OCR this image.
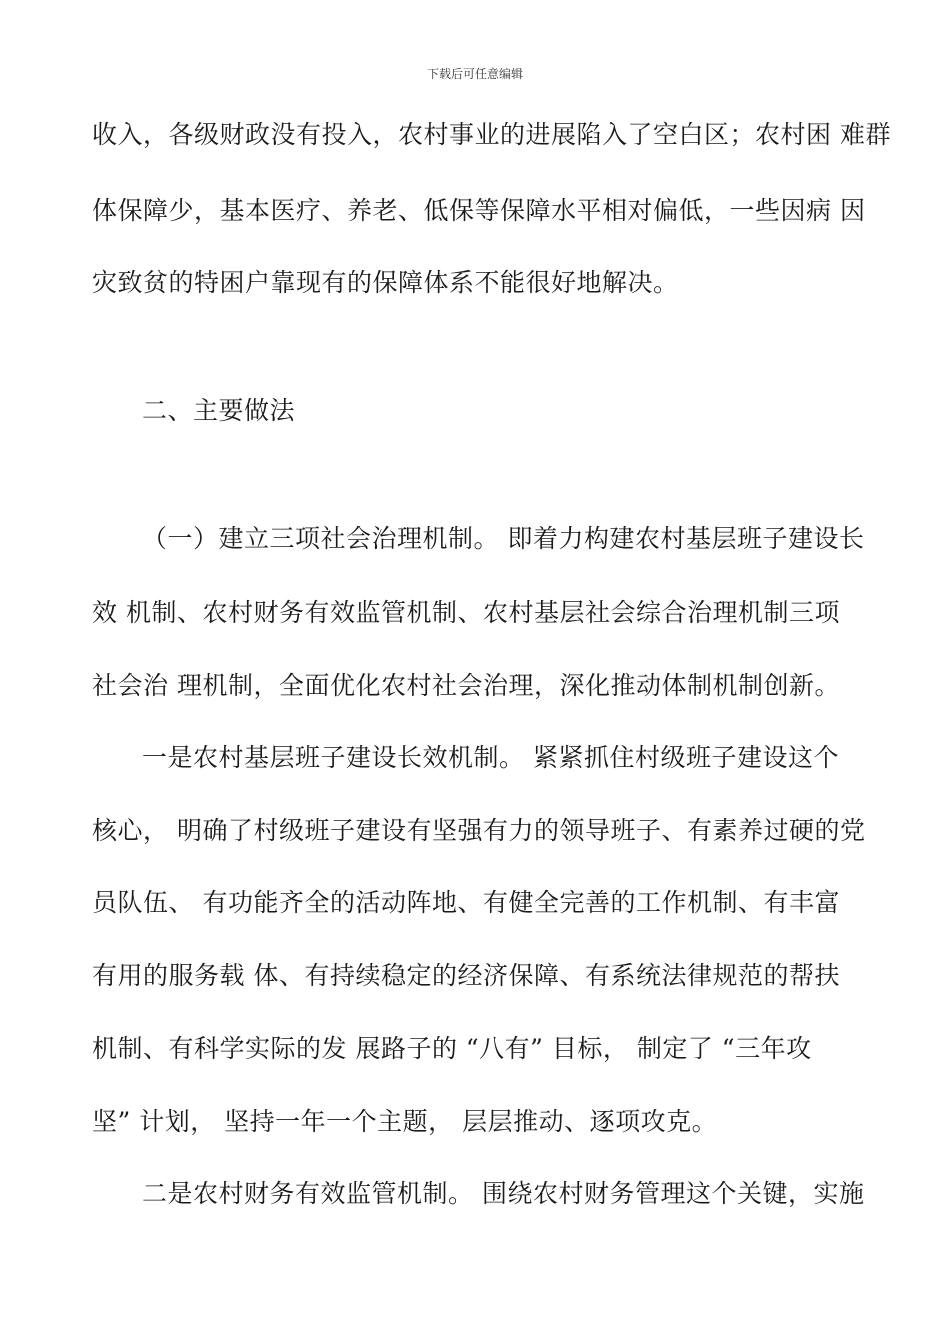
下载后可任意编辑
收入，各级财政没有投入，农村事业的进展陷入了空白区；农村困 难群
体保障少，基本医疗、养老、低保等保障水平相对偏低，一些因病 因
灾致贫的特困户靠现有的保障体系不能很好地解决。
二、主要做法
（一）建立三项社会治理机制。 即着力构建农村基层班子建设长
效 机制、农村财务有效监管机制、农村基层社会综合治理机制三项
社会治 理机制，全面优化农村社会治理，深化推动体制机制创新。
一是农村基层班子建设长效机制。 紧紧抓住村级班子建设这个
核心， 明确了村级班子建设有坚强有力的领导班子、有素养过硬的党
员队伍、 有功能齐全的活动阵地、有健全完善的工作机制、有丰富
有用的服务载 体、有持续稳定的经济保障、有系统法律规范的帮扶
机制、有科学实际的发 展路子的 “八有” 目标， 制定了 “三年攻
坚” 计划， 坚持一年一个主题， 层层推动、逐项攻克。
二是农村财务有效监管机制。 围绕农村财务管理这个关键，实施
